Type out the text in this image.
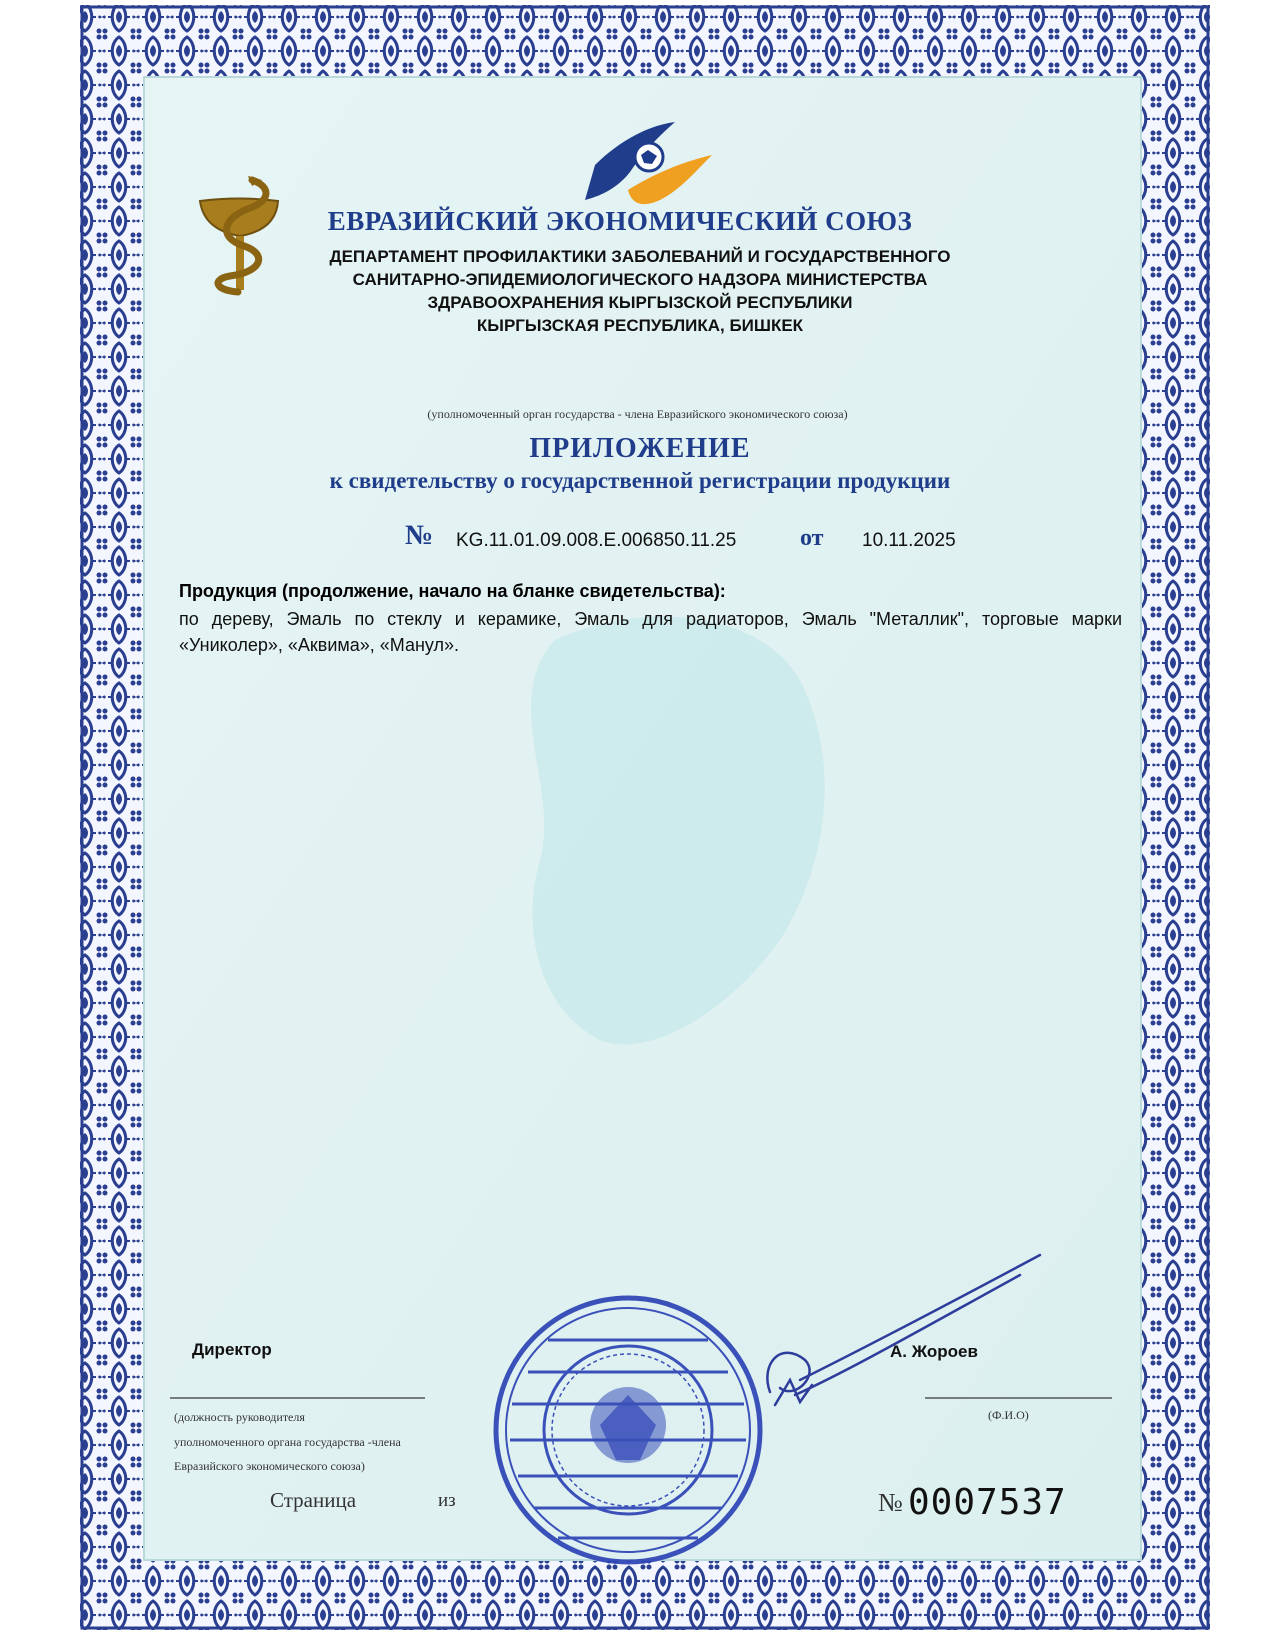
ЕВРАЗИЙСКИЙ ЭКОНОМИЧЕСКИЙ СОЮЗ

ДЕПАРТАМЕНТ ПРОФИЛАКТИКИ ЗАБОЛЕВАНИЙ И ГОСУДАРСТВЕННОГО

САНИТАРНО-ЭПИДЕМИОЛОГИЧЕСКОГО НАДЗОРА МИНИСТЕРСТВА

ЗДРАВООХРАНЕНИЯ КЫРГЫЗСКОЙ РЕСПУБЛИКИ

КЫРГЫЗСКАЯ РЕСПУБЛИКА, БИШКЕК

(уполномоченный орган государства - члена Евразийского экономического союза)

ПРИЛОЖЕНИЕ

к свидетельству о государственной регистрации продукции

№ KG.11.01.09.008.E.006850.11.25	от 10.11.2025

Продукция (продолжение, начало на бланке свидетельства):

по дереву, Эмаль по стеклу и керамике, Эмаль для радиаторов, Эмаль "Металлик", торговые марки «Униколер», «Аквима», «Манул».

Директор	А. Жороев
(должность руководителя
уполномоченного органа государства -члена
Евразийского экономического союза)
(Ф.И.О)
Страница	из	№ 0007537
